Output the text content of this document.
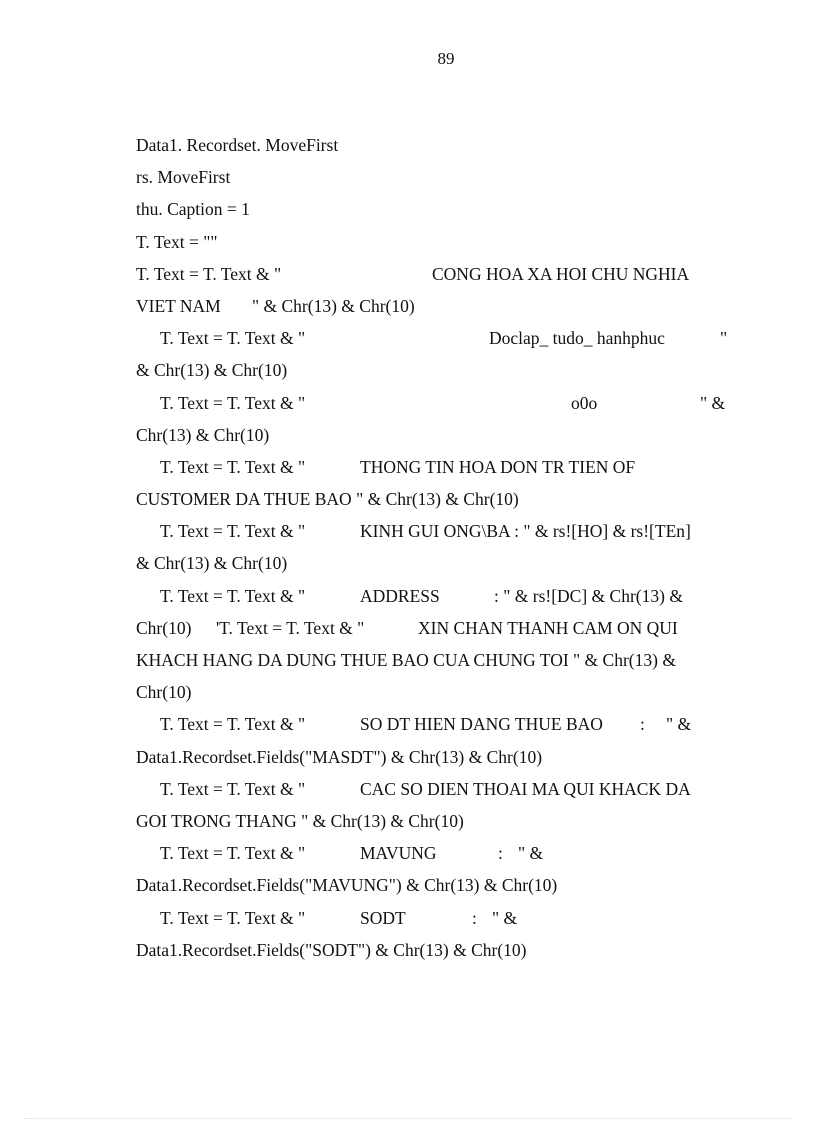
89
Data1. Recordset. MoveFirst
rs. MoveFirst
thu. Caption = 1
T. Text = ""
T. Text = T. Text & "	CONG HOA XA HOI CHU NGHIA
VIET NAM " & Chr(13) & Chr(10)
T. Text = T. Text & "	Doclap_ tudo_ hanhphuc	"
& Chr(13) & Chr(10)
T. Text = T. Text & "	o0o	" &
Chr(13) & Chr(10)
T. Text = T. Text & "	THONG TIN HOA DON TR TIEN OF
CUSTOMER DA THUE BAO " & Chr(13) & Chr(10)
T. Text = T. Text & "	KINH GUI ONG\BA : " & rs![HO] & rs![TEn]
& Chr(13) & Chr(10)
T. Text = T. Text & "	ADDRESS	: " & rs![DC] & Chr(13) &
Chr(10) 'T. Text = T. Text & "	XIN CHAN THANH CAM ON QUI
KHACH HANG DA DUNG THUE BAO CUA CHUNG TOI " & Chr(13) &
Chr(10)
T. Text = T. Text & "	SO DT HIEN DANG THUE BAO : " &
Data1.Recordset.Fields("MASDT") & Chr(13) & Chr(10)
T. Text = T. Text & "	CAC SO DIEN THOAI MA QUI KHACK DA
GOI TRONG THANG " & Chr(13) & Chr(10)
T. Text = T. Text & "	MAVUNG	: " &
Data1.Recordset.Fields("MAVUNG") & Chr(13) & Chr(10)
T. Text = T. Text & "	SODT	: " &
Data1.Recordset.Fields("SODT") & Chr(13) & Chr(10)
